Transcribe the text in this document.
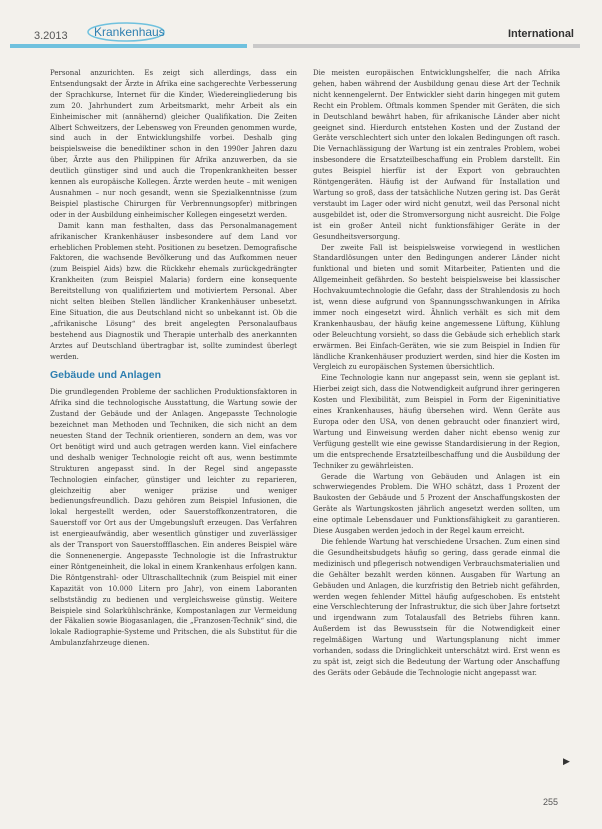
3.2013 Krankenhaus	International

Personal anzurichten. Es zeigt sich allerdings, dass ein Entsendungsakt der Ärzte in Afrika eine sachgerechte Verbesserung der Sprachkurse, Internet für die Kinder, Wiedereingliederung bis zum 20. Jahrhundert zum Arbeitsmarkt, mehr Arbeit als ein Einheimischer mit (annähernd) gleicher Qualifikation. Die Zeiten Albert Schweitzers, der Lebensweg von Freunden genommen wurde, sind auch in der Entwicklungshilfe vorbei. Deshalb ging beispielsweise die benediktiner schon in den 1990er Jahren dazu über, Ärzte aus den Philippinen für Afrika anzuwerben, da sie deutlich günstiger sind und auch die Tropenkrankheiten besser kennen als europäische Kollegen. Ärzte werden heute – mit wenigen Ausnahmen – nur noch gesandt, wenn sie Spezialkenntnisse (zum Beispiel plastische Chirurgen für Verbrennungsopfer) mitbringen oder in der Ausbildung einheimischer Kollegen eingesetzt werden.

Damit kann man festhalten, dass das Personalmanagement afrikanischer Krankenhäuser insbesondere auf dem Land vor erheblichen Problemen steht. Positionen zu besetzen. Demografische Faktoren, die wachsende Bevölkerung und das Aufkommen neuer (zum Beispiel Aids) bzw. die Rückkehr ehemals zurückgedrängter Krankheiten (zum Beispiel Malaria) fordern eine konsequente Bereitstellung von qualifiziertem und motiviertem Personal. Aber nicht selten bleiben Stellen ländlicher Krankenhäuser unbesetzt. Eine Situation, die aus Deutschland nicht so unbekannt ist. Ob die „afrikanische Lösung“ des breit angelegten Personalaufbaus bestehend aus Diagnostik und Therapie unterhalb des anerkannten Arztes auf Deutschland übertragbar ist, sollte zumindest überlegt werden.

Gebäude und Anlagen

Die grundlegenden Probleme der sachlichen Produktionsfaktoren in Afrika sind die technologische Ausstattung, die Wartung sowie der Zustand der Gebäude und der Anlagen. Angepasste Technologie bezeichnet man Methoden und Techniken, die sich nicht an dem neuesten Stand der Technik orientieren, sondern an dem, was vor Ort benötigt wird und auch getragen werden kann. Viel einfachere und deshalb weniger Technologie reicht oft aus, wenn bestimmte Strukturen angepasst sind. In der Regel sind angepasste Technologien einfacher, günstiger und leichter zu reparieren, gleichzeitig aber weniger präzise und weniger bedienungsfreundlich. Dazu gehören zum Beispiel Infusionen, die lokal hergestellt werden, oder Sauerstoffkonzentratoren, die Sauerstoff vor Ort aus der Umgebungsluft erzeugen. Das Verfahren ist energieaufwändig, aber wesentlich günstiger und zuverlässiger als der Transport von Sauerstoffflaschen. Ein anderes Beispiel wäre die Sonnenenergie. Angepasste Technologie ist die Infrastruktur einer Röntgeneinheit, die lokal in einem Krankenhaus erfolgen kann. Die Röntgenstrahl- oder Ultraschalltechnik (zum Beispiel mit einer Kapazität von 10.000 Litern pro Jahr), von einem Laboranten selbstständig zu bedienen und vergleichsweise günstig. Weitere Beispiele sind Solarkühlschränke, Kompostanlagen zur Vermeidung der Fäkalien sowie Biogasanlagen, die „Franzosen-Technik“ sind, die lokale Radiographie-Systeme und Pritschen, die als Substitut für die Ambulanzfahrzeuge dienen.

Die meisten europäischen Entwicklungshelfer, die nach Afrika gehen, haben während der Ausbildung genau diese Art der Technik nicht kennengelernt. Der Entwickler sieht darin hingegen mit gutem Recht ein Problem. Oftmals kommen Spender mit Geräten, die sich in Deutschland bewährt haben, für afrikanische Länder aber nicht geeignet sind. Hierdurch entstehen Kosten und der Zustand der Geräte verschlechtert sich unter den lokalen Bedingungen oft rasch. Die Vernachlässigung der Wartung ist ein zentrales Problem, wobei insbesondere die Ersatzteilbeschaffung ein Problem darstellt. Ein gutes Beispiel hierfür ist der Export von gebrauchten Röntgengeräten. Häufig ist der Aufwand für Installation und Wartung so groß, dass der tatsächliche Nutzen gering ist. Das Gerät verstaubt im Lager oder wird nicht genutzt, weil das Personal nicht ausgebildet ist, oder die Stromversorgung nicht ausreicht. Die Folge ist ein großer Anteil nicht funktionsfähiger Geräte in der Gesundheitsversorgung.

Der zweite Fall ist beispielsweise vorwiegend in westlichen Standardlösungen unter den Bedingungen anderer Länder nicht funktional und bieten und somit Mitarbeiter, Patienten und die Allgemeinheit gefährden. So besteht beispielsweise bei klassischer Hochvakuumtechnologie die Gefahr, dass der Strahlendosis zu hoch ist, wenn diese aufgrund von Spannungsschwankungen in Afrika immer noch eingesetzt wird. Ähnlich verhält es sich mit dem Krankenhausbau, der häufig keine angemessene Lüftung, Kühlung oder Beleuchtung vorsieht, so dass die Gebäude sich erheblich stark erwärmen. Bei Einfach-Geräten, wie sie zum Beispiel in Indien für ländliche Krankenhäuser produziert werden, sind hier die Kosten im Vergleich zu europäischen Systemen übersichtlich.

Eine Technologie kann nur angepasst sein, wenn sie geplant ist. Hierbei zeigt sich, dass die Notwendigkeit aufgrund ihrer geringeren Kosten und Flexibilität, zum Beispiel in Form der Eigeninitiative eines Krankenhauses, häufig übersehen wird. Wenn Geräte aus Europa oder den USA, von denen gebraucht oder finanziert wird, Wartung und Einweisung werden daher nicht ebenso wenig zur Verfügung gestellt wie eine gewisse Standardisierung in der Region, um die entsprechende Ersatzteilbeschaffung und die Ausbildung der Techniker zu gewährleisten.

Gerade die Wartung von Gebäuden und Anlagen ist ein schwerwiegendes Problem. Die WHO schätzt, dass 1 Prozent der Baukosten der Gebäude und 5 Prozent der Anschaffungskosten der Geräte als Wartungskosten jährlich angesetzt werden sollten, um eine optimale Lebensdauer und Funktionsfähigkeit zu garantieren. Diese Ausgaben werden jedoch in der Regel kaum erreicht.

Die fehlende Wartung hat verschiedene Ursachen. Zum einen sind die Gesundheitsbudgets häufig so gering, dass gerade einmal die medizinisch und pflegerisch notwendigen Verbrauchsmaterialien und die Gehälter bezahlt werden können. Ausgaben für Wartung an Gebäuden und Anlagen, die kurzfristig den Betrieb nicht gefährden, werden wegen fehlender Mittel häufig aufgeschoben. Es entsteht eine Verschlechterung der Infrastruktur, die sich über Jahre fortsetzt und irgendwann zum Totalausfall des Betriebs führen kann. Außerdem ist das Bewusstsein für die Notwendigkeit einer regelmäßigen Wartung und Wartungsplanung nicht immer vorhanden, sodass die Dringlichkeit unterschätzt wird. Erst wenn es zu spät ist, zeigt sich die Bedeutung der Wartung oder Anschaffung des Geräts oder Gebäude die Technologie nicht angepasst war.

▶
255
